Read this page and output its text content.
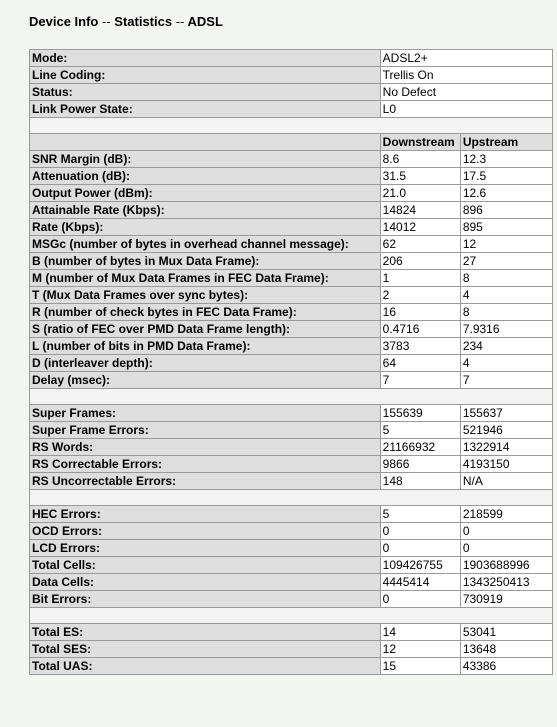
Device Info -- Statistics -- ADSL
Mode:	ADSL2+	
Line Coding:	Trellis On	
Status:	No Defect	
Link Power State:	L0	

	Downstream	Upstream
SNR Margin (dB):	8.6	12.3
Attenuation (dB):	31.5	17.5
Output Power (dBm):	21.0	12.6
Attainable Rate (Kbps):	14824	896
Rate (Kbps):	14012	895
MSGc (number of bytes in overhead channel message):	62	12
B (number of bytes in Mux Data Frame):	206	27
M (number of Mux Data Frames in FEC Data Frame):	1	8
T (Mux Data Frames over sync bytes):	2	4
R (number of check bytes in FEC Data Frame):	16	8
S (ratio of FEC over PMD Data Frame length):	0.4716	7.9316
L (number of bits in PMD Data Frame):	3783	234
D (interleaver depth):	64	4
Delay (msec):	7	7

Super Frames:	155639	155637
Super Frame Errors:	5	521946
RS Words:	21166932	1322914
RS Correctable Errors:	9866	4193150
RS Uncorrectable Errors:	148	N/A

HEC Errors:	5	218599
OCD Errors:	0	0
LCD Errors:	0	0
Total Cells:	109426755	1903688996
Data Cells:	4445414	1343250413
Bit Errors:	0	730919

Total ES:	14	53041
Total SES:	12	13648
Total UAS:	15	43386
